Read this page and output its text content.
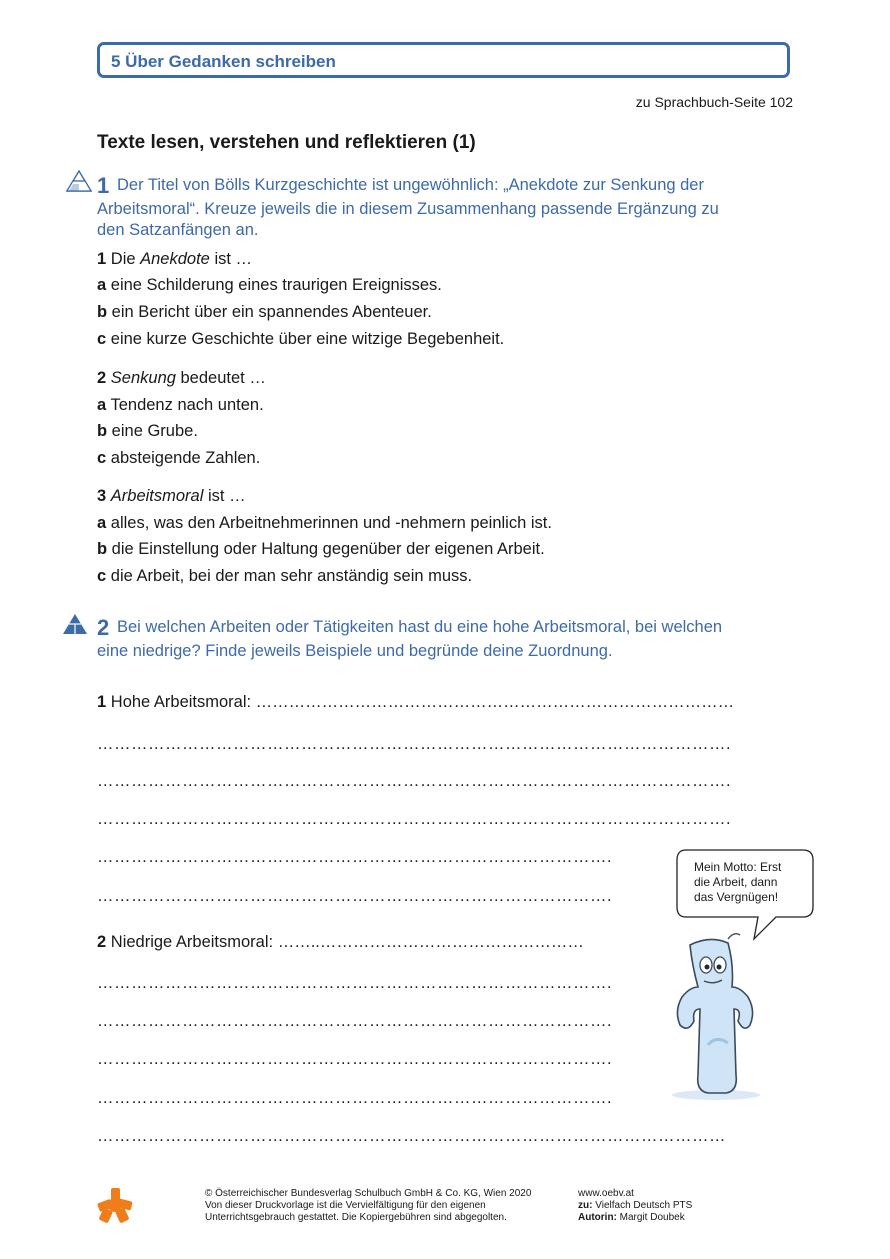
5 Über Gedanken schreiben
zu Sprachbuch-Seite 102
Texte lesen, verstehen und reflektieren (1)
1 Der Titel von Bölls Kurzgeschichte ist ungewöhnlich: „Anekdote zur Senkung der
Arbeitsmoral“. Kreuze jeweils die in diesem Zusammenhang passende Ergänzung zu
den Satzanfängen an.
1 Die Anekdote ist …
a eine Schilderung eines traurigen Ereignisses.
b ein Bericht über ein spannendes Abenteuer.
c eine kurze Geschichte über eine witzige Begebenheit.
2 Senkung bedeutet …
a Tendenz nach unten.
b eine Grube.
c absteigende Zahlen.
3 Arbeitsmoral ist …
a alles, was den Arbeitnehmerinnen und -nehmern peinlich ist.
b die Einstellung oder Haltung gegenüber der eigenen Arbeit.
c die Arbeit, bei der man sehr anständig sein muss.
2 Bei welchen Arbeiten oder Tätigkeiten hast du eine hohe Arbeitsmoral, bei welchen
eine niedrige? Finde jeweils Beispiele und begründe deine Zuordnung.
1 Hohe Arbeitsmoral: ……………………………………………………………………………
………………………………………………………………………………………………….
………………………………………………………………………………………………….
………………………………………………………………………………………………….
……………………………………………………………………………….
……………………………………………………………………………….
2 Niedrige Arbeitsmoral: ……..…………………………………………
……………………………………………………………………………….
……………………………………………………………………………….
……………………………………………………………………………….
……………………………………………………………………………….
…………………………………………………………………………………………………
Mein Motto: Erst
die Arbeit, dann
das Vergnügen!
© Österreichischer Bundesverlag Schulbuch GmbH & Co. KG, Wien 2020
Von dieser Druckvorlage ist die Vervielfältigung für den eigenen
Unterrichtsgebrauch gestattet. Die Kopiergebühren sind abgegolten.
www.oebv.at
zu: Vielfach Deutsch PTS
Autorin: Margit Doubek
